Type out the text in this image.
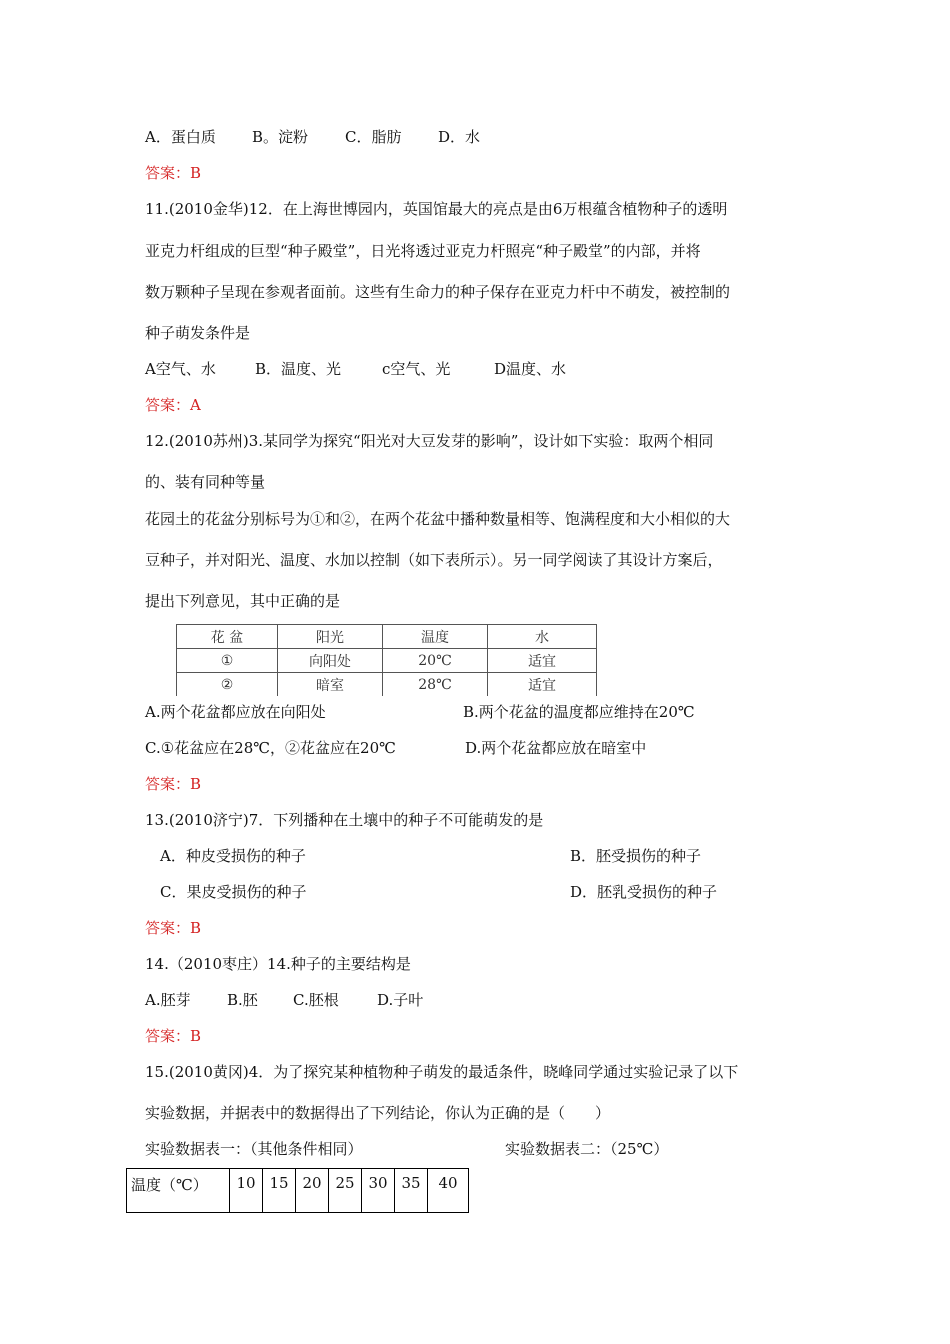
A．蛋白质 B。淀粉 C．脂肪 D．水
答案：B
11.(2010金华)12．在上海世博园内，英国馆最大的亮点是由6万根蕴含植物种子的透明
亚克力杆组成的巨型“种子殿堂”，日光将透过亚克力杆照亮“种子殿堂”的内部，并将
数万颗种子呈现在参观者面前。这些有生命力的种子保存在亚克力杆中不萌发，被控制的
种子萌发条件是
A空气、水	B．温度、光	c空气、光	D温度、水
答案：A
12.(2010苏州)3.某同学为探究“阳光对大豆发芽的影响”，设计如下实验：取两个相同
的、装有同种等量
花园土的花盆分别标号为①和②，在两个花盆中播种数量相等、饱满程度和大小相似的大
豆种子，并对阳光、温度、水加以控制（如下表所示）。另一同学阅读了其设计方案后，
提出下列意见，其中正确的是
花 盆	阳光	温度	水
①	向阳处	20℃	适宜
②	暗室	28℃	适宜
A.两个花盆都应放在向阳处	B.两个花盆的温度都应维持在20℃
C.①花盆应在28℃，②花盆应在20℃	D.两个花盆都应放在暗室中
答案：B
13.(2010济宁)7．下列播种在土壤中的种子不可能萌发的是
A．种皮受损伤的种子	B．胚受损伤的种子
C．果皮受损伤的种子	D．胚乳受损伤的种子
答案：B
14.（2010枣庄）14.种子的主要结构是
A.胚芽 B.胚 C.胚根	D.子叶
答案：B
15.(2010黄冈)4．为了探究某种植物种子萌发的最适条件，晓峰同学通过实验记录了以下
实验数据，并据表中的数据得出了下列结论，你认为正确的是（　　）
实验数据表一：（其他条件相同）	实验数据表二：（25℃）
温度（℃）	10	15	20	25	30	35	40
